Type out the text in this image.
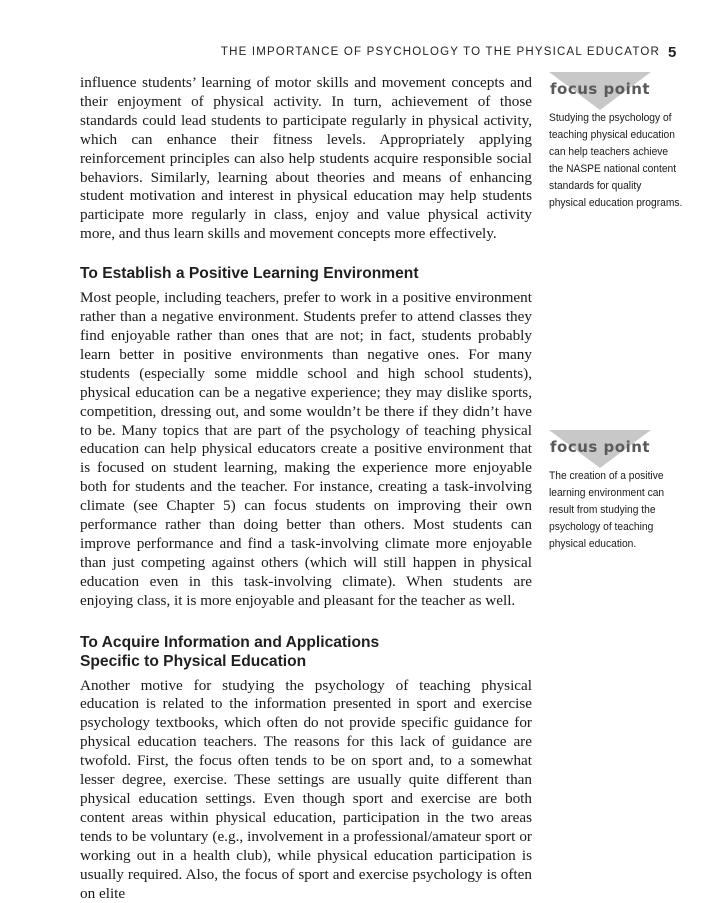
THE IMPORTANCE OF PSYCHOLOGY TO THE PHYSICAL EDUCATOR 5

influence students’ learning of motor skills and movement concepts and their enjoyment of physical activity. In turn, achievement of those standards could lead students to participate regularly in physical activity, which can enhance their fitness levels. Appropriately applying reinforcement principles can also help students acquire responsible social behaviors. Similarly, learning about theories and means of enhancing student motivation and interest in physical education may help students participate more regularly in class, enjoy and value physical activity more, and thus learn skills and movement concepts more effectively.

To Establish a Positive Learning Environment

Most people, including teachers, prefer to work in a positive environment rather than a negative environment. Students prefer to attend classes they find enjoyable rather than ones that are not; in fact, students probably learn better in positive environments than negative ones. For many students (especially some middle school and high school students), physical education can be a negative experience; they may dislike sports, competition, dressing out, and some wouldn’t be there if they didn’t have to be. Many topics that are part of the psychology of teaching physical education can help physical educators create a positive environment that is focused on student learning, making the experience more enjoyable both for students and the teacher. For instance, creating a task-involving climate (see Chapter 5) can focus students on improving their own performance rather than doing better than others. Most students can improve performance and find a task-involving climate more enjoyable than just competing against others (which will still happen in physical education even in this task-involving climate). When students are enjoying class, it is more enjoyable and pleasant for the teacher as well.

To Acquire Information and Applications
Specific to Physical Education

Another motive for studying the psychology of teaching physical education is related to the information presented in sport and exercise psychology textbooks, which often do not provide specific guidance for physical education teachers. The reasons for this lack of guidance are twofold. First, the focus often tends to be on sport and, to a somewhat lesser degree, exercise. These settings are usually quite different than physical education settings. Even though sport and exercise are both content areas within physical education, participation in the two areas tends to be voluntary (e.g., involvement in a professional/amateur sport or working out in a health club), while physical education participation is usually required. Also, the focus of sport and exercise psychology is often on elite

focus point
Studying the psychology of
teaching physical education
can help teachers achieve
the NASPE national content
standards for quality
physical education programs.
focus point
The creation of a positive
learning environment can
result from studying the
psychology of teaching
physical education.
